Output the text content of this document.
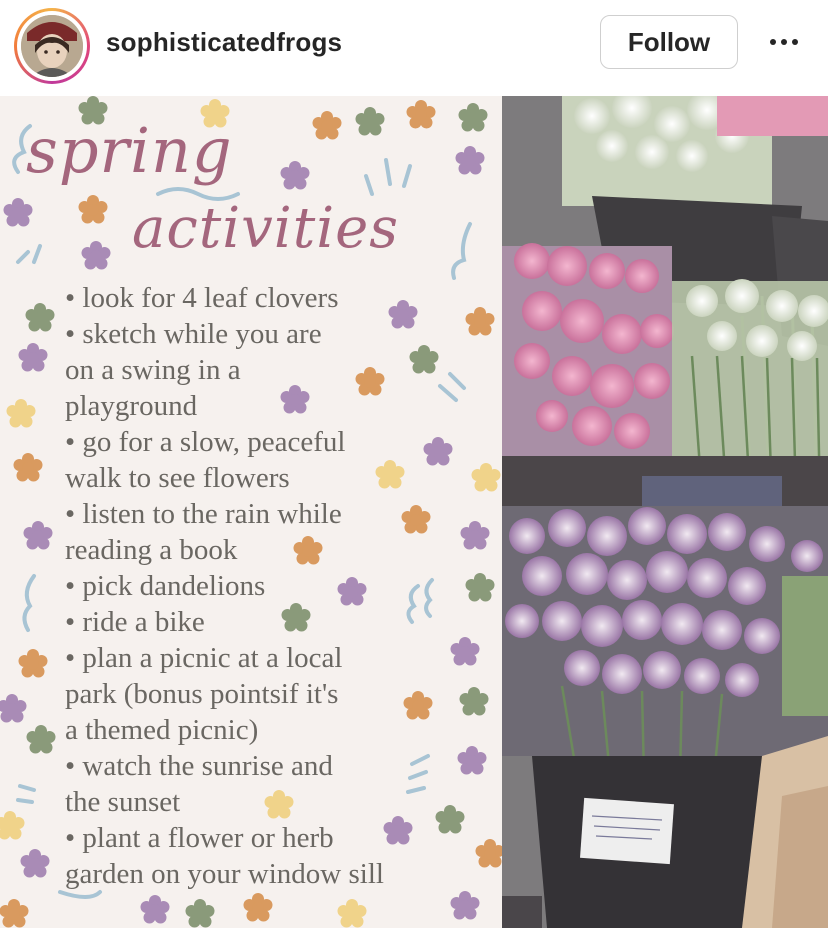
sophisticatedfrogs	Follow
spring
activities
• look for 4 leaf clovers
• sketch while you are
on a swing in a
playground
• go for a slow, peaceful
walk to see flowers
• listen to the rain while
reading a book
• pick dandelions
• ride a bike
• plan a picnic at a local
park (bonus pointsif it's
a themed picnic)
• watch the sunrise and
the sunset
• plant a flower or herb
garden on your window sill
